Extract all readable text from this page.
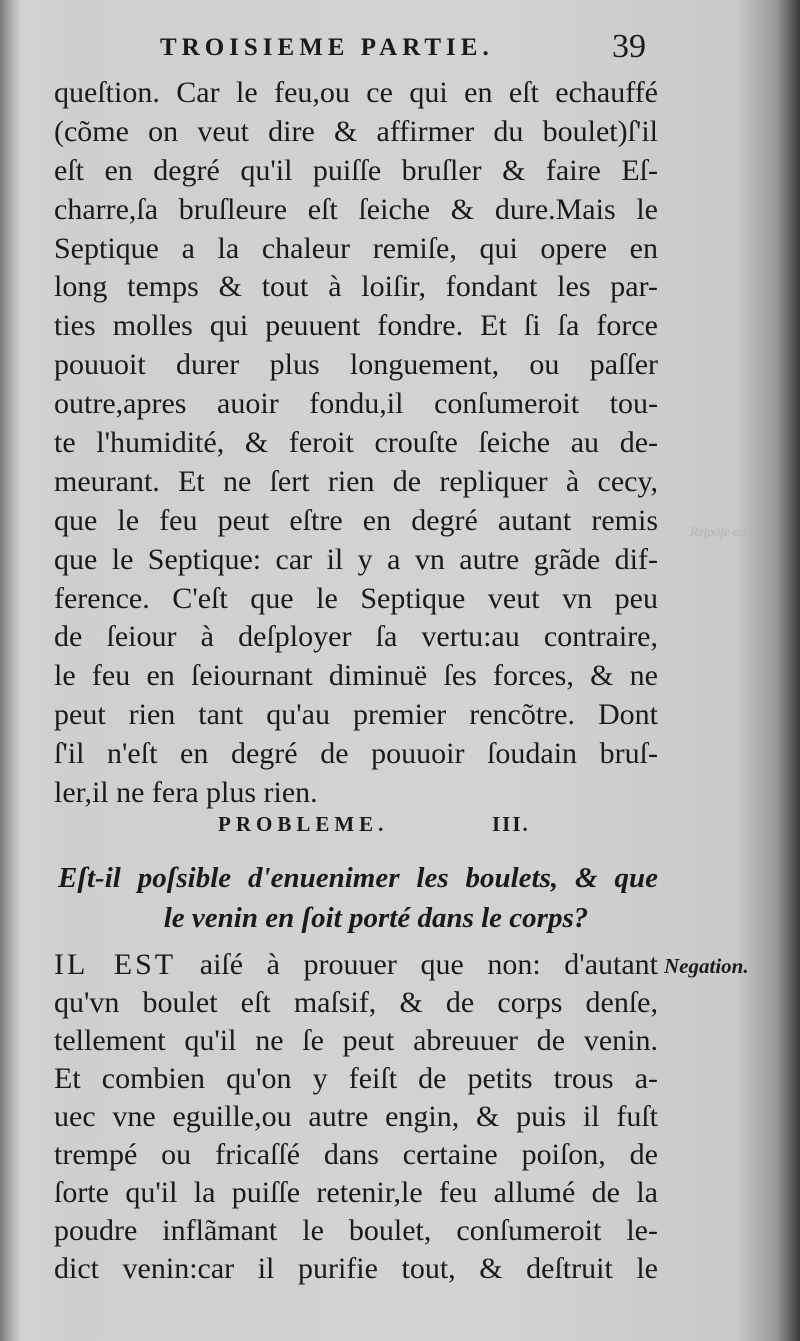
TROISIEME PARTIE.	39
queſtion. Car le feu,ou ce qui en eſt echauffé
(cõme on veut dire & affirmer du boulet)ſ'il
eſt en degré qu'il puiſſe bruſler & faire Eſ-
charre,ſa bruſleure eſt ſeiche & dure.Mais le
Septique a la chaleur remiſe, qui opere en
long temps & tout à loiſir, fondant les par-
ties molles qui peuuent fondre. Et ſi ſa force
pouuoit durer plus longuement, ou paſſer
outre,apres auoir fondu,il conſumeroit tou-
te l'humidité, & feroit crouſte ſeiche au de-
meurant. Et ne ſert rien de repliquer à cecy,
que le feu peut eſtre en degré autant remis
que le Septique: car il y a vn autre grãde dif-
ference. C'eſt que le Septique veut vn peu
de ſeiour à deſployer ſa vertu:au contraire,
le feu en ſeiournant diminuë ſes forces, & ne
peut rien tant qu'au premier rencõtre. Dont
ſ'il n'eſt en degré de pouuoir ſoudain bruſ-
ler,il ne fera plus rien.
Reſpõſe au.
PROBLEME.	III.
Eſt-il poſsible d'enuenimer les boulets, & que
le venin en ſoit porté dans le corps?
IL EST aiſé à prouuer que non: d'autant
qu'vn boulet eſt maſsif, & de corps denſe,
tellement qu'il ne ſe peut abreuuer de venin.
Et combien qu'on y feiſt de petits trous a-
uec vne eguille,ou autre engin, & puis il fuſt
trempé ou fricaſſé dans certaine poiſon, de
ſorte qu'il la puiſſe retenir,le feu allumé de la
poudre inflãmant le boulet, conſumeroit le-
dict venin:car il purifie tout, & deſtruit le
Negation.
